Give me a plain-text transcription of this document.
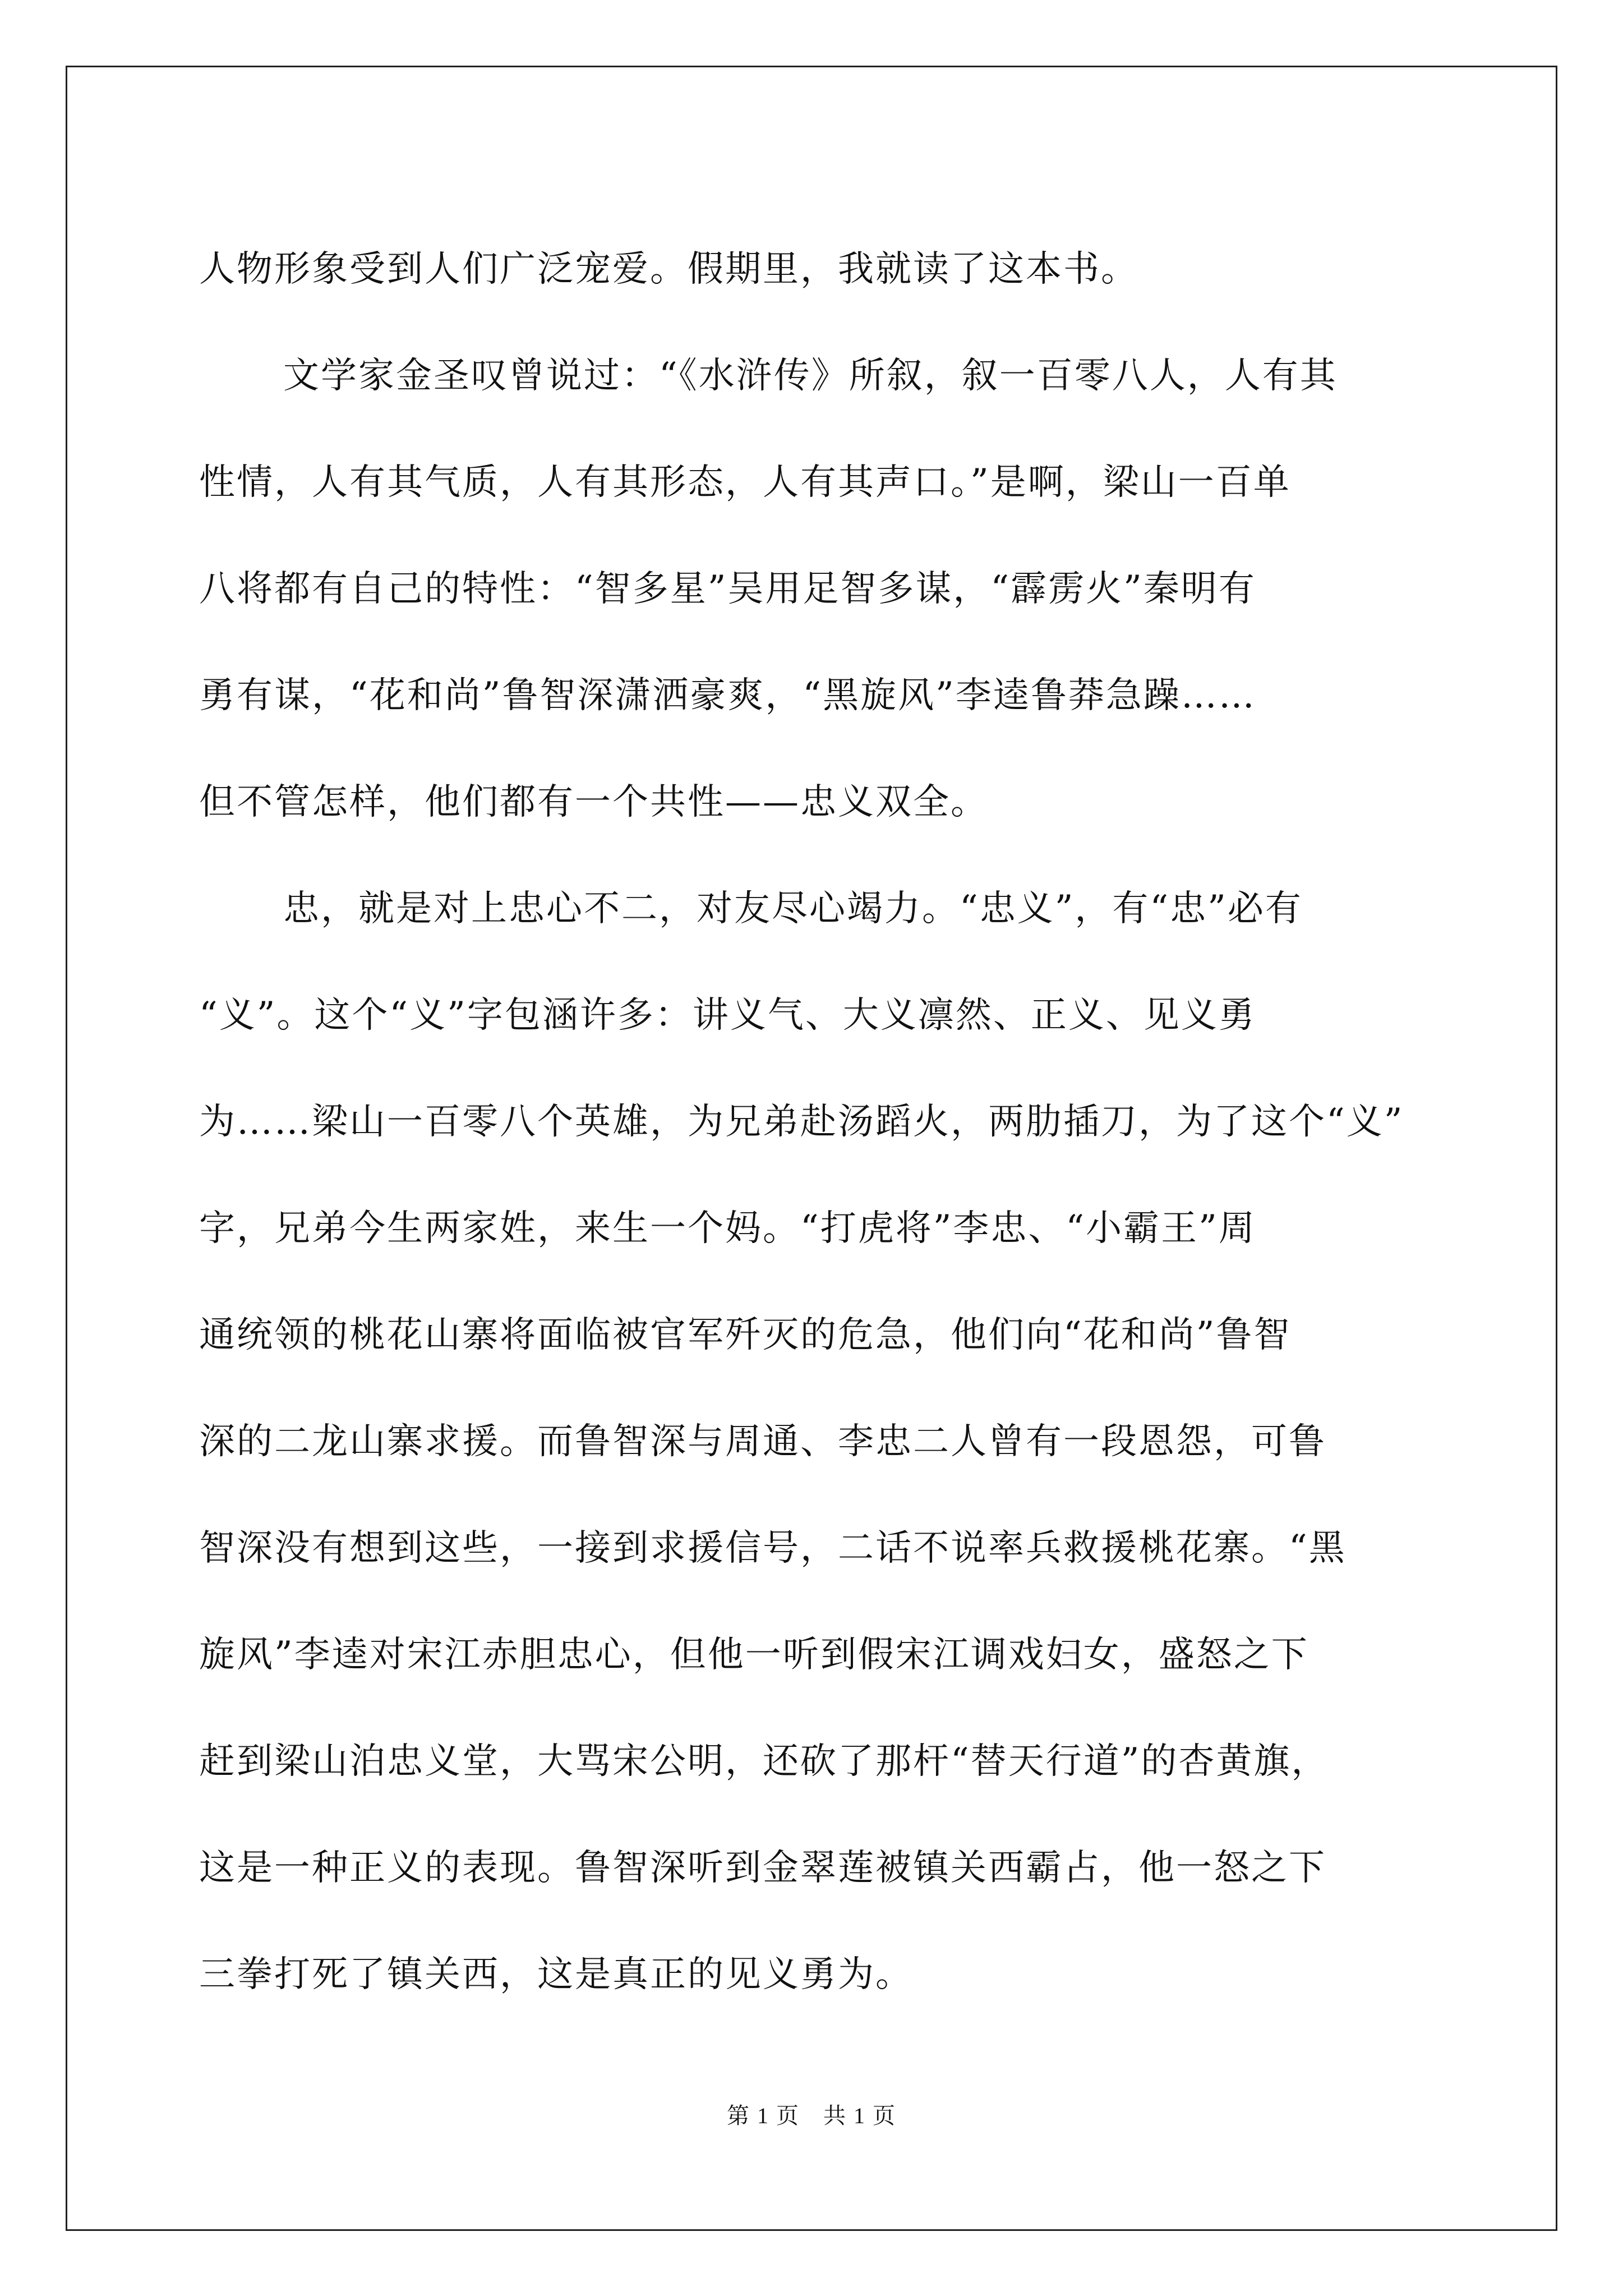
人物形象受到人们广泛宠爱。假期里，我就读了这本书。
文学家金圣叹曾说过：“《水浒传》所叙，叙一百零八人，人有其
性情，人有其气质，人有其形态，人有其声口。”是啊，梁山一百单
八将都有自己的特性：“智多星”吴用足智多谋，“霹雳火”秦明有
勇有谋，“花和尚”鲁智深潇洒豪爽，“黑旋风”李逵鲁莽急躁……
但不管怎样，他们都有一个共性——忠义双全。
忠，就是对上忠心不二，对友尽心竭力。“忠义”，有“忠”必有
“义”。这个“义”字包涵许多：讲义气、大义凛然、正义、见义勇
为……梁山一百零八个英雄，为兄弟赴汤蹈火，两肋插刀，为了这个“义”
字，兄弟今生两家姓，来生一个妈。“打虎将”李忠、“小霸王”周
通统领的桃花山寨将面临被官军歼灭的危急，他们向“花和尚”鲁智
深的二龙山寨求援。而鲁智深与周通、李忠二人曾有一段恩怨，可鲁
智深没有想到这些，一接到求援信号，二话不说率兵救援桃花寨。“黑
旋风”李逵对宋江赤胆忠心，但他一听到假宋江调戏妇女，盛怒之下
赶到梁山泊忠义堂，大骂宋公明，还砍了那杆“替天行道”的杏黄旗，
这是一种正义的表现。鲁智深听到金翠莲被镇关西霸占，他一怒之下
三拳打死了镇关西，这是真正的见义勇为。
第 1 页　共 1 页
